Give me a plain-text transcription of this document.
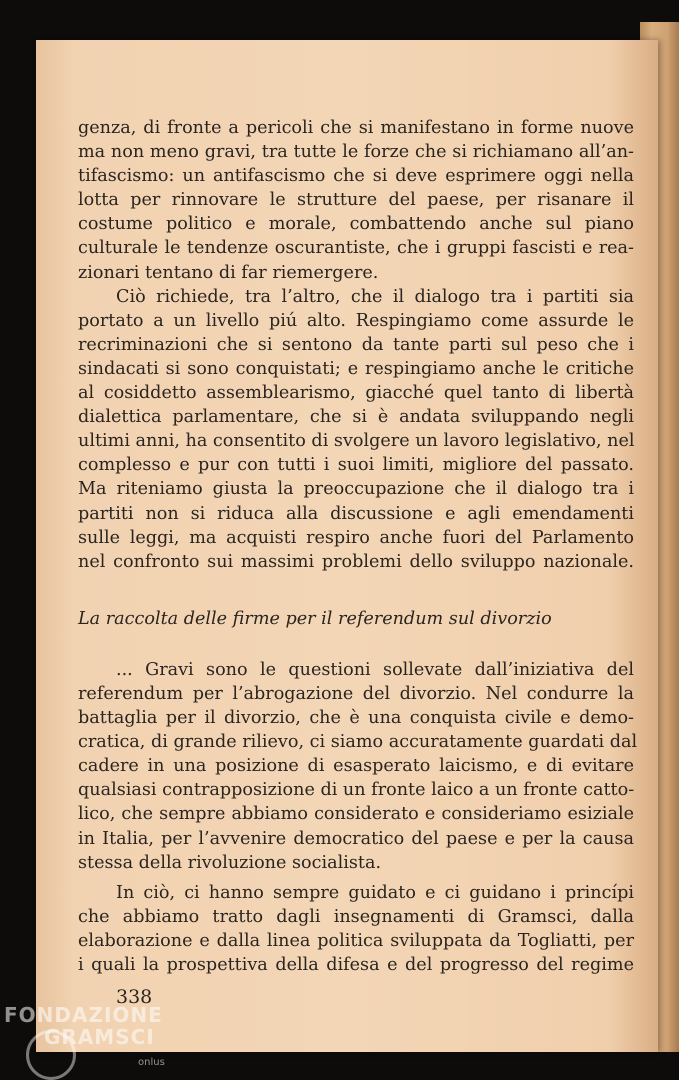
genza, di fronte a pericoli che si manifestano in forme nuove
ma non meno gravi, tra tutte le forze che si richiamano all’an-
tifascismo: un antifascismo che si deve esprimere oggi nella
lotta per rinnovare le strutture del paese, per risanare il
costume politico e morale, combattendo anche sul piano
culturale le tendenze oscurantiste, che i gruppi fascisti e rea-
zionari tentano di far riemergere.
Ciò richiede, tra l’altro, che il dialogo tra i partiti sia
portato a un livello piú alto. Respingiamo come assurde le
recriminazioni che si sentono da tante parti sul peso che i
sindacati si sono conquistati; e respingiamo anche le critiche
al cosiddetto assemblearismo, giacché quel tanto di libertà
dialettica parlamentare, che si è andata sviluppando negli
ultimi anni, ha consentito di svolgere un lavoro legislativo, nel
complesso e pur con tutti i suoi limiti, migliore del passato.
Ma riteniamo giusta la preoccupazione che il dialogo tra i
partiti non si riduca alla discussione e agli emendamenti
sulle leggi, ma acquisti respiro anche fuori del Parlamento
nel confronto sui massimi problemi dello sviluppo nazionale.
La raccolta delle firme per il referendum sul divorzio
... Gravi sono le questioni sollevate dall’iniziativa del
referendum per l’abrogazione del divorzio. Nel condurre la
battaglia per il divorzio, che è una conquista civile e demo-
cratica, di grande rilievo, ci siamo accuratamente guardati dal
cadere in una posizione di esasperato laicismo, e di evitare
qualsiasi contrapposizione di un fronte laico a un fronte catto-
lico, che sempre abbiamo considerato e consideriamo esiziale
in Italia, per l’avvenire democratico del paese e per la causa
stessa della rivoluzione socialista.
In ciò, ci hanno sempre guidato e ci guidano i princípi
che abbiamo tratto dagli insegnamenti di Gramsci, dalla
elaborazione e dalla linea politica sviluppata da Togliatti, per
i quali la prospettiva della difesa e del progresso del regime
338
FONDAZIONE
GRAMSCI
onlus
